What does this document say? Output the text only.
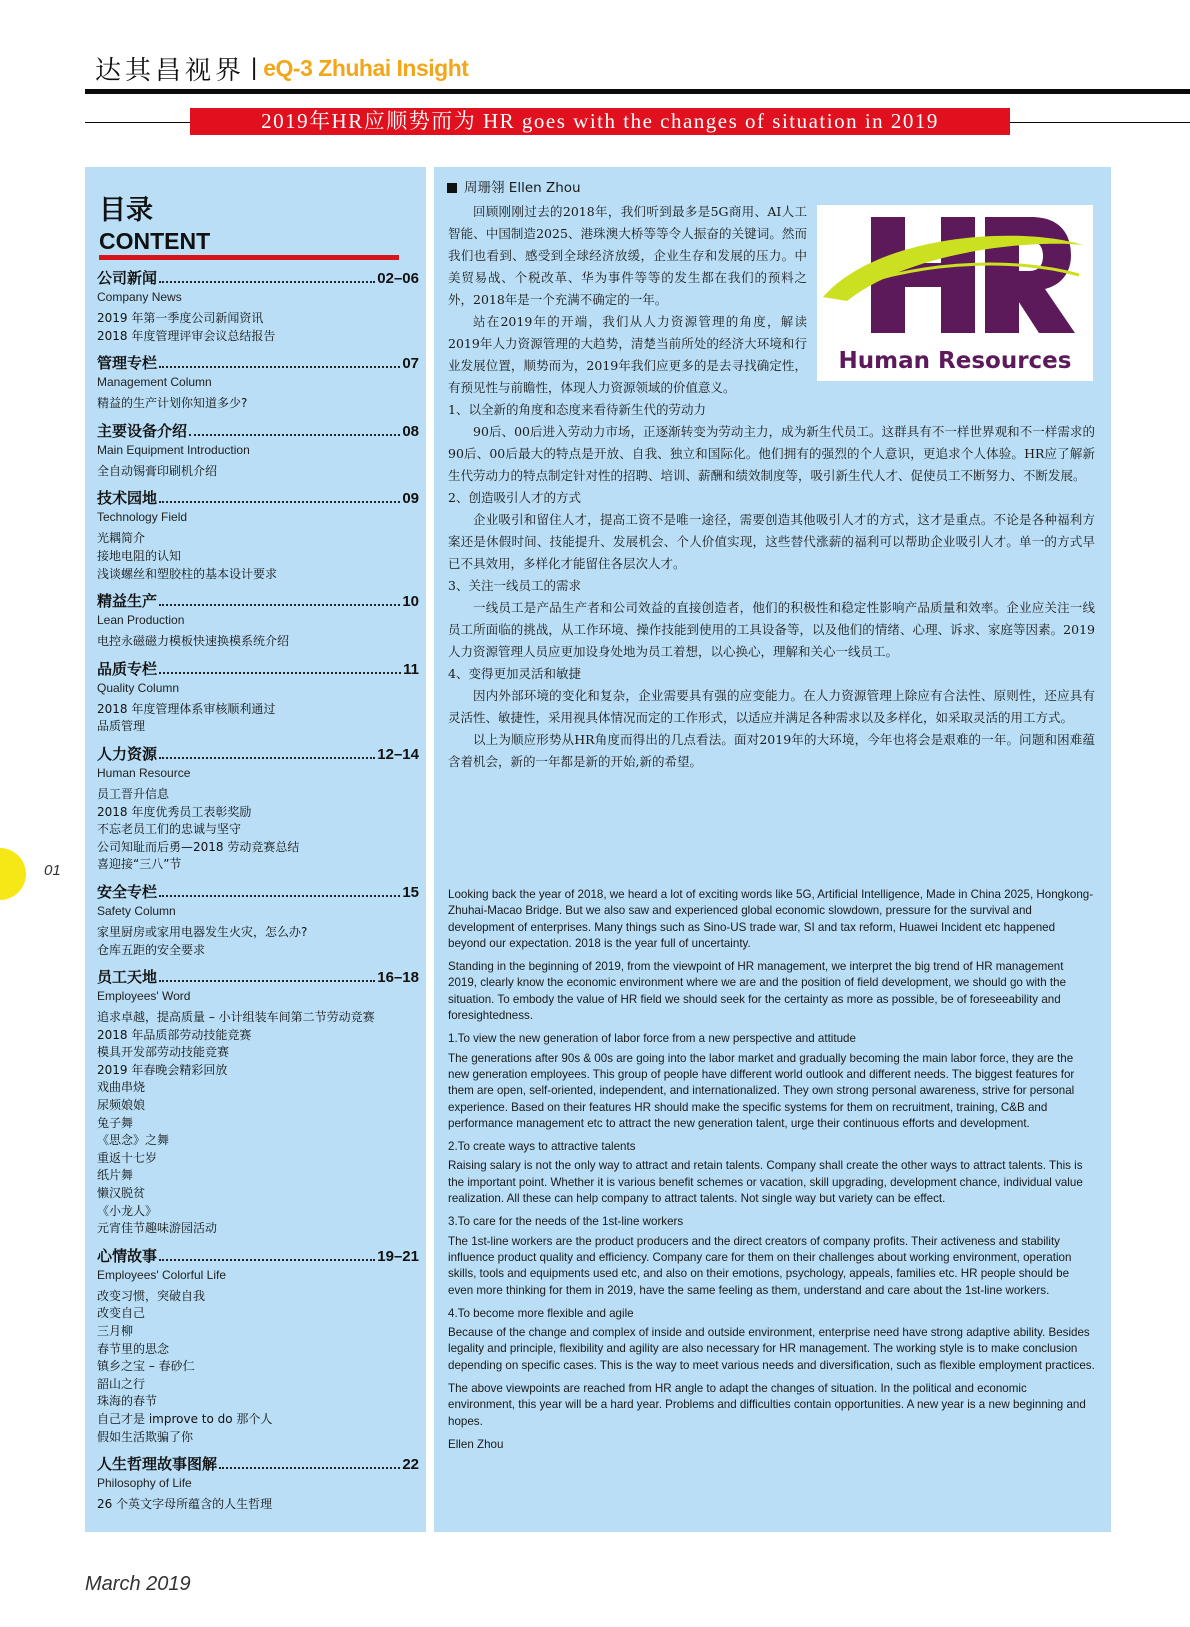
达其昌视界 | eQ-3 Zhuhai Insight
2019年HR应顺势而为 HR goes with the changes of situation in 2019
目录
CONTENT
公司新闻	02–06
Company News
2019 年第一季度公司新闻资讯
2018 年度管理评审会议总结报告
管理专栏	07
Management Column
精益的生产计划你知道多少?
主要设备介绍	08
Main Equipment Introduction
全自动锡膏印刷机介绍
技术园地	09
Technology Field
光耦简介
接地电阻的认知
浅谈螺丝和塑胶柱的基本设计要求
精益生产	10
Lean Production
电控永磁磁力模板快速换模系统介绍
品质专栏	11
Quality Column
2018 年度管理体系审核顺利通过
品质管理
人力资源	12–14
Human Resource
员工晋升信息
2018 年度优秀员工表彰奖励
不忘老员工们的忠诚与坚守
公司知耻而后勇—2018 劳动竞赛总结
喜迎接“三八”节
安全专栏	15
Safety Column
家里厨房或家用电器发生火灾，怎么办?
仓库五距的安全要求
员工天地	16–18
Employees' Word
追求卓越，提高质量 – 小计组装车间第二节劳动竞赛
2018 年品质部劳动技能竞赛
模具开发部劳动技能竞赛
2019 年春晚会精彩回放
戏曲串烧
尿频娘娘
兔子舞
《思念》之舞
重返十七岁
纸片舞
懒汉脱贫
《小龙人》
元宵佳节趣味游园活动
心情故事	19–21
Employees' Colorful Life
改变习惯，突破自我
改变自己
三月柳
春节里的思念
镇乡之宝 – 春砂仁
韶山之行
珠海的春节
自己才是 improve to do 那个人
假如生活欺骗了你
人生哲理故事图解	22
Philosophy of Life
26 个英文字母所蕴含的人生哲理
周珊翎 Ellen Zhou
Human Resources

回顾刚刚过去的2018年，我们听到最多是5G商用、AI人工智能、中国制造2025、港珠澳大桥等等令人振奋的关键词。然而我们也看到、感受到全球经济放缓，企业生存和发展的压力。中美贸易战、个税改革、华为事件等等的发生都在我们的预料之外，2018年是一个充满不确定的一年。

站在2019年的开端，我们从人力资源管理的角度，解读2019年人力资源管理的大趋势，清楚当前所处的经济大环境和行业发展位置，顺势而为，2019年我们应更多的是去寻找确定性，有预见性与前瞻性，体现人力资源领域的价值意义。

1、以全新的角度和态度来看待新生代的劳动力

90后、00后进入劳动力市场，正逐渐转变为劳动主力，成为新生代员工。这群具有不一样世界观和不一样需求的90后、00后最大的特点是开放、自我、独立和国际化。他们拥有的强烈的个人意识，更追求个人体验。HR应了解新生代劳动力的特点制定针对性的招聘、培训、薪酬和绩效制度等，吸引新生代人才、促使员工不断努力、不断发展。

2、创造吸引人才的方式

企业吸引和留住人才，提高工资不是唯一途径，需要创造其他吸引人才的方式，这才是重点。不论是各种福利方案还是休假时间、技能提升、发展机会、个人价值实现，这些替代涨薪的福利可以帮助企业吸引人才。单一的方式早已不具效用，多样化才能留住各层次人才。

3、关注一线员工的需求

一线员工是产品生产者和公司效益的直接创造者，他们的积极性和稳定性影响产品质量和效率。企业应关注一线员工所面临的挑战，从工作环境、操作技能到使用的工具设备等，以及他们的情绪、心理、诉求、家庭等因素。2019人力资源管理人员应更加设身处地为员工着想，以心换心，理解和关心一线员工。

4、变得更加灵活和敏捷

因内外部环境的变化和复杂，企业需要具有强的应变能力。在人力资源管理上除应有合法性、原则性，还应具有灵活性、敏捷性，采用视具体情况而定的工作形式，以适应并满足各种需求以及多样化，如采取灵活的用工方式。

以上为顺应形势从HR角度而得出的几点看法。面对2019年的大环境，今年也将会是艰难的一年。问题和困难蕴含着机会，新的一年都是新的开始,新的希望。

Looking back the year of 2018, we heard a lot of exciting words like 5G, Artificial Intelligence, Made in China 2025, Hongkong-Zhuhai-Macao Bridge. But we also saw and experienced global economic slowdown, pressure for the survival and development of enterprises. Many things such as Sino-US trade war, SI and tax reform, Huawei Incident etc happened beyond our expectation. 2018 is the year full of uncertainty.

Standing in the beginning of 2019, from the viewpoint of HR management, we interpret the big trend of HR management 2019, clearly know the economic environment where we are and the position of field development, we should go with the situation. To embody the value of HR field we should seek for the certainty as more as possible, be of foreseeability and foresightedness.

1.To view the new generation of labor force from a new perspective and attitude

The generations after 90s & 00s are going into the labor market and gradually becoming the main labor force, they are the new generation employees. This group of people have different world outlook and different needs. The biggest features for them are open, self-oriented, independent, and internationalized. They own strong personal awareness, strive for personal experience. Based on their features HR should make the specific systems for them on recruitment, training, C&B and performance management etc to attract the new generation talent, urge their continuous efforts and development.

2.To create ways to attractive talents

Raising salary is not the only way to attract and retain talents. Company shall create the other ways to attract talents. This is the important point. Whether it is various benefit schemes or vacation, skill upgrading, development chance, individual value realization. All these can help company to attract talents. Not single way but variety can be effect.

3.To care for the needs of the 1st-line workers

The 1st-line workers are the product producers and the direct creators of company profits. Their activeness and stability influence product quality and efficiency. Company care for them on their challenges about working environment, operation skills, tools and equipments used etc, and also on their emotions, psychology, appeals, families etc. HR people should be even more thinking for them in 2019, have the same feeling as them, understand and care about the 1st-line workers.

4.To become more flexible and agile

Because of the change and complex of inside and outside environment, enterprise need have strong adaptive ability. Besides legality and principle, flexibility and agility are also necessary for HR management. The working style is to make conclusion depending on specific cases. This is the way to meet various needs and diversification, such as flexible employment practices.

The above viewpoints are reached from HR angle to adapt the changes of situation. In the political and economic environment, this year will be a hard year. Problems and difficulties contain opportunities. A new year is a new beginning and hopes.

Ellen Zhou

01
March 2019
